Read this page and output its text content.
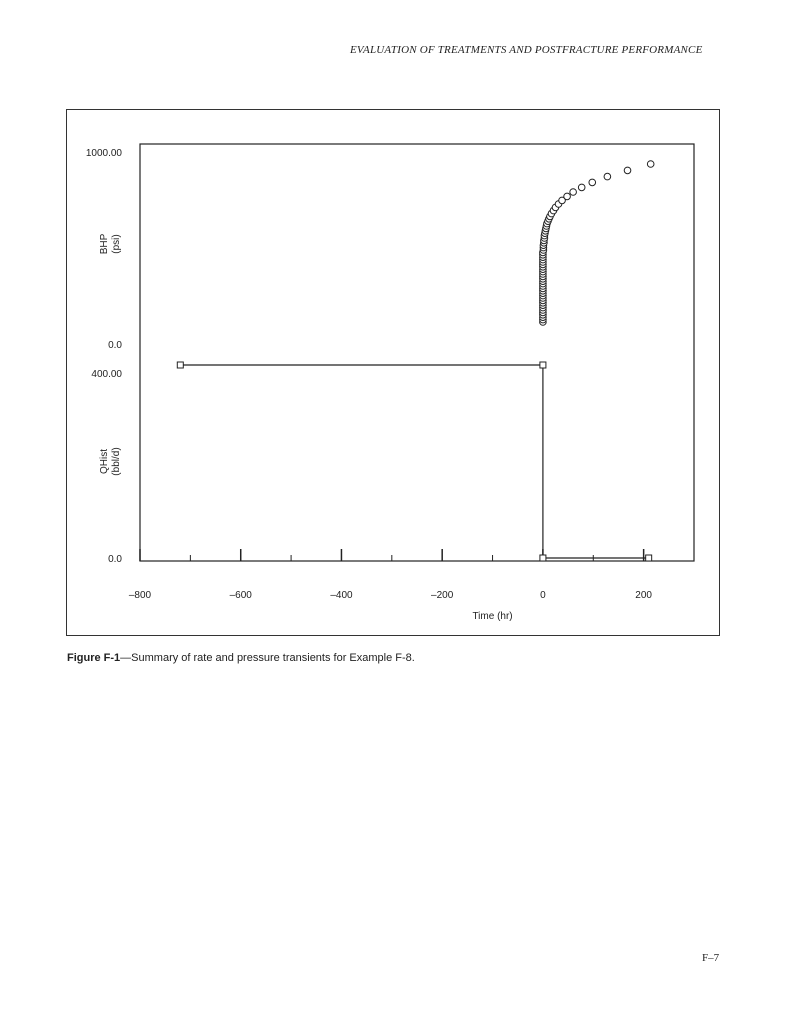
EVALUATION OF TREATMENTS AND POSTFRACTURE PERFORMANCE
–800	–600	–400	–200	0	200
Time (hr)
0.0
1000.00
BHP (psi)
0.0
400.00
QHist (bbl/d)
Figure F-1—Summary of rate and pressure transients for Example F-8.
F–7
